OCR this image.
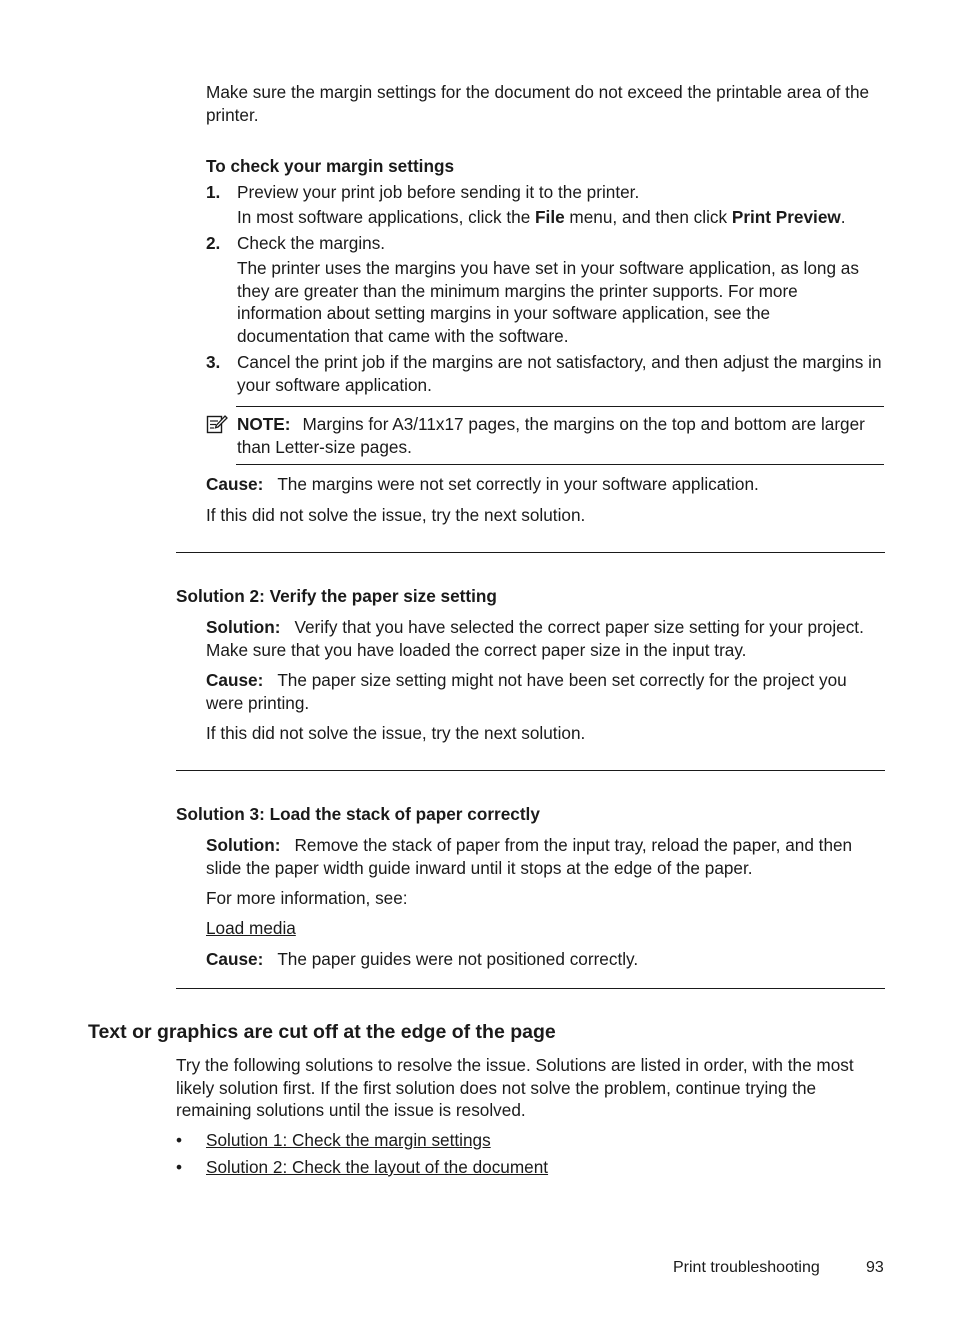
Make sure the margin settings for the document do not exceed the printable area of the printer.

To check your margin settings

1. Preview your print job before sending it to the printer.

In most software applications, click the File menu, and then click Print Preview.

2. Check the margins.

The printer uses the margins you have set in your software application, as long as they are greater than the minimum margins the printer supports. For more information about setting margins in your software application, see the documentation that came with the software.

3. Cancel the print job if the margins are not satisfactory, and then adjust the margins in your software application.

NOTE: Margins for A3/11x17 pages, the margins on the top and bottom are larger than Letter-size pages.

Cause: The margins were not set correctly in your software application.

If this did not solve the issue, try the next solution.

Solution 2: Verify the paper size setting

Solution: Verify that you have selected the correct paper size setting for your project. Make sure that you have loaded the correct paper size in the input tray.

Cause: The paper size setting might not have been set correctly for the project you were printing.

If this did not solve the issue, try the next solution.

Solution 3: Load the stack of paper correctly

Solution: Remove the stack of paper from the input tray, reload the paper, and then slide the paper width guide inward until it stops at the edge of the paper.

For more information, see:

Load media

Cause: The paper guides were not positioned correctly.

Text or graphics are cut off at the edge of the page

Try the following solutions to resolve the issue. Solutions are listed in order, with the most likely solution first. If the first solution does not solve the problem, continue trying the remaining solutions until the issue is resolved.

• Solution 1: Check the margin settings
• Solution 2: Check the layout of the document

Print troubleshooting	93
